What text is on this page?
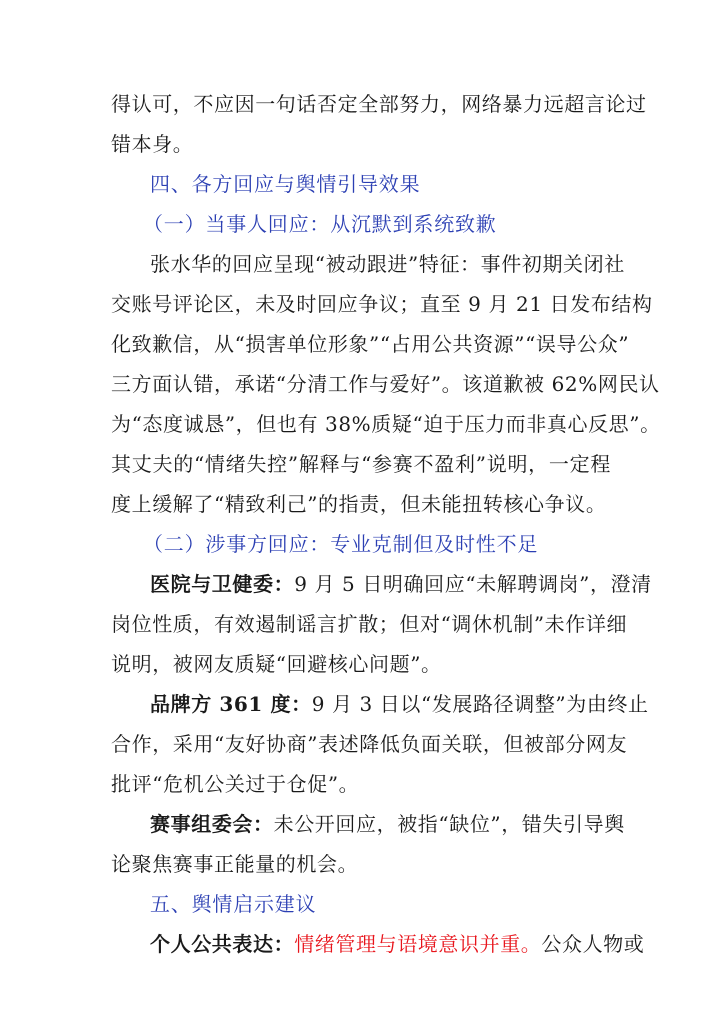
得认可，不应因一句话否定全部努力，网络暴力远超言论过
错本身。
四、各方回应与舆情引导效果
（一）当事人回应：从沉默到系统致歉
张水华的回应呈现“被动跟进”特征：事件初期关闭社
交账号评论区，未及时回应争议；直至 9 月 21 日发布结构
化致歉信，从“损害单位形象”“占用公共资源”“误导公众”
三方面认错，承诺“分清工作与爱好”。该道歉被 62%网民认
为“态度诚恳”，但也有 38%质疑“迫于压力而非真心反思”。
其丈夫的“情绪失控”解释与“参赛不盈利”说明，一定程
度上缓解了“精致利己”的指责，但未能扭转核心争议。
（二）涉事方回应：专业克制但及时性不足
医院与卫健委： 9 月 5 日明确回应“未解聘调岗”，澄清
岗位性质，有效遏制谣言扩散；但对“调休机制”未作详细
说明，被网友质疑“回避核心问题”。
品牌方 361 度： 9 月 3 日以“发展路径调整”为由终止
合作，采用“友好协商”表述降低负面关联，但被部分网友
批评“危机公关过于仓促”。
赛事组委会： 未公开回应，被指“缺位”，错失引导舆
论聚焦赛事正能量的机会。
五、舆情启示建议
个人公共表达： 情绪管理与语境意识并重。 公众人物或
